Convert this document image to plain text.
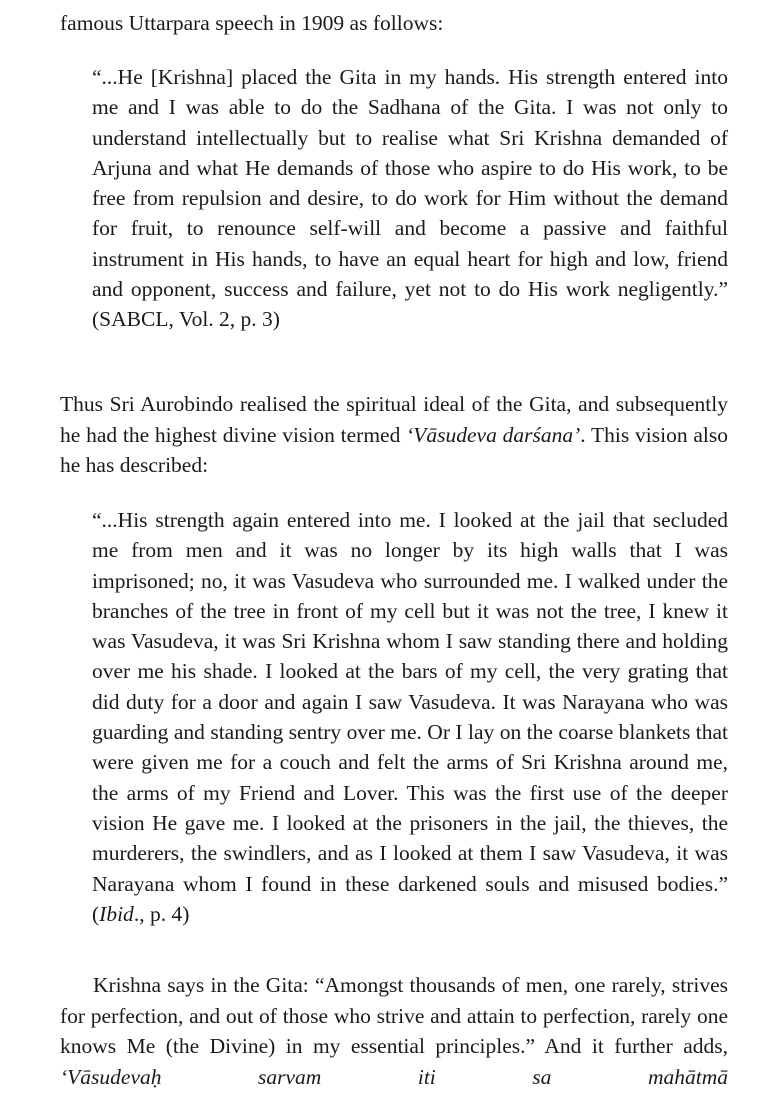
famous Uttarpara speech in 1909 as follows:

“...He [Krishna] placed the Gita in my hands. His strength entered into me and I was able to do the Sadhana of the Gita. I was not only to understand intellectually but to realise what Sri Krishna demanded of Arjuna and what He demands of those who aspire to do His work, to be free from repulsion and desire, to do work for Him without the demand for fruit, to renounce self-will and become a passive and faithful instrument in His hands, to have an equal heart for high and low, friend and opponent, success and failure, yet not to do His work negligently.” (SABCL, Vol. 2, p. 3)

Thus Sri Aurobindo realised the spiritual ideal of the Gita, and subsequently he had the highest divine vision termed ‘Vāsudeva darśana’. This vision also he has described:

“...His strength again entered into me. I looked at the jail that secluded me from men and it was no longer by its high walls that I was imprisoned; no, it was Vasudeva who surrounded me. I walked under the branches of the tree in front of my cell but it was not the tree, I knew it was Vasudeva, it was Sri Krishna whom I saw standing there and holding over me his shade. I looked at the bars of my cell, the very grating that did duty for a door and again I saw Vasudeva. It was Narayana who was guarding and standing sentry over me. Or I lay on the coarse blankets that were given me for a couch and felt the arms of Sri Krishna around me, the arms of my Friend and Lover. This was the first use of the deeper vision He gave me. I looked at the prisoners in the jail, the thieves, the murderers, the swindlers, and as I looked at them I saw Vasudeva, it was Narayana whom I found in these darkened souls and misused bodies.” (Ibid., p. 4)

Krishna says in the Gita: “Amongst thousands of men, one rarely, strives for perfection, and out of those who strive and attain to perfection, rarely one knows Me (the Divine) in my essential principles.” And it further adds, ‘Vāsudevaḥ sarvam iti sa mahātmā
